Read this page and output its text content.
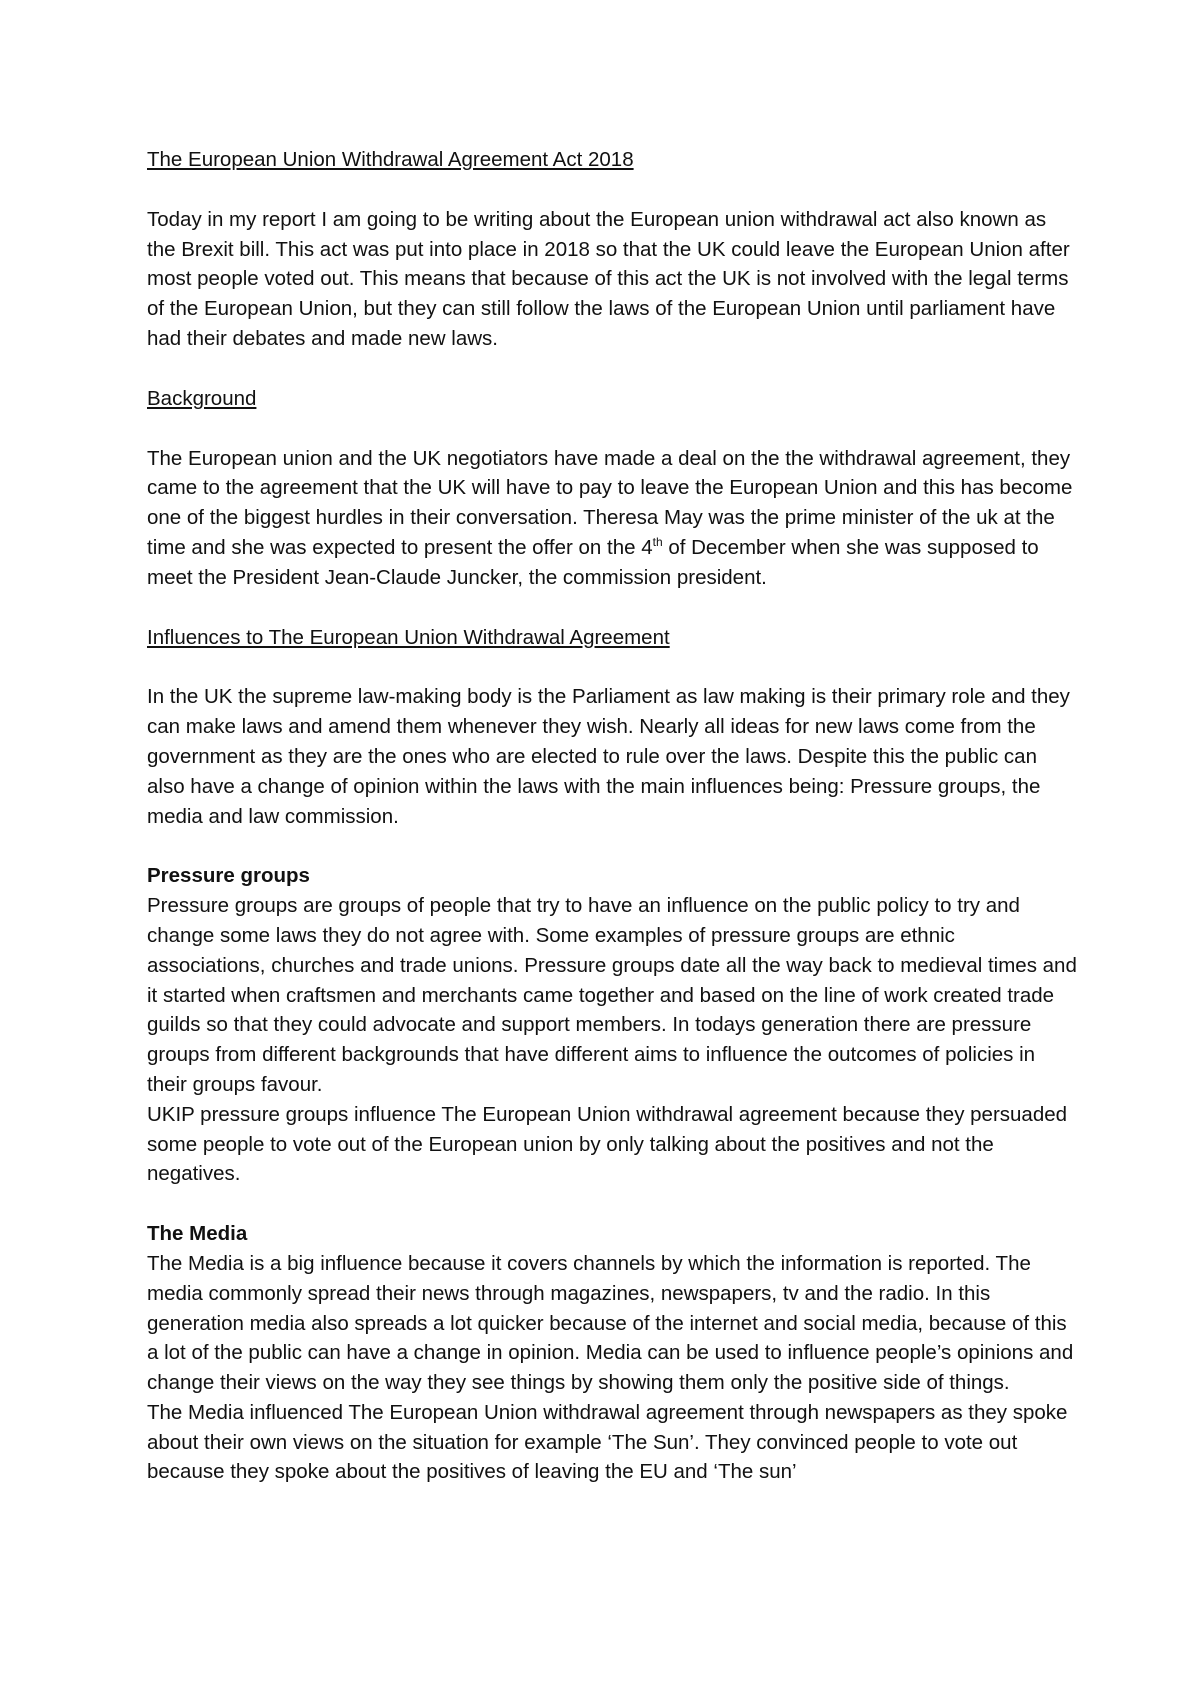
The European Union Withdrawal Agreement Act 2018

Today in my report I am going to be writing about the European union withdrawal act also known as the Brexit bill. This act was put into place in 2018 so that the UK could leave the European Union after most people voted out. This means that because of this act the UK is not involved with the legal terms of the European Union, but they can still follow the laws of the European Union until parliament have had their debates and made new laws.

Background

The European union and the UK negotiators have made a deal on the the withdrawal agreement, they came to the agreement that the UK will have to pay to leave the European Union and this has become one of the biggest hurdles in their conversation. Theresa May was the prime minister of the uk at the time and she was expected to present the offer on the 4th of December when she was supposed to meet the President Jean-Claude Juncker, the commission president.

Influences to The European Union Withdrawal Agreement

In the UK the supreme law-making body is the Parliament as law making is their primary role and they can make laws and amend them whenever they wish. Nearly all ideas for new laws come from the government as they are the ones who are elected to rule over the laws. Despite this the public can also have a change of opinion within the laws with the main influences being: Pressure groups, the media and law commission.

Pressure groups

Pressure groups are groups of people that try to have an influence on the public policy to try and change some laws they do not agree with. Some examples of pressure groups are ethnic associations, churches and trade unions. Pressure groups date all the way back to medieval times and it started when craftsmen and merchants came together and based on the line of work created trade guilds so that they could advocate and support members. In todays generation there are pressure groups from different backgrounds that have different aims to influence the outcomes of policies in their groups favour.

UKIP pressure groups influence The European Union withdrawal agreement because they persuaded some people to vote out of the European union by only talking about the positives and not the negatives.

The Media

The Media is a big influence because it covers channels by which the information is reported. The media commonly spread their news through magazines, newspapers, tv and the radio. In this generation media also spreads a lot quicker because of the internet and social media, because of this a lot of the public can have a change in opinion. Media can be used to influence people’s opinions and change their views on the way they see things by showing them only the positive side of things.

The Media influenced The European Union withdrawal agreement through newspapers as they spoke about their own views on the situation for example ‘The Sun’. They convinced people to vote out because they spoke about the positives of leaving the EU and ‘The sun’
